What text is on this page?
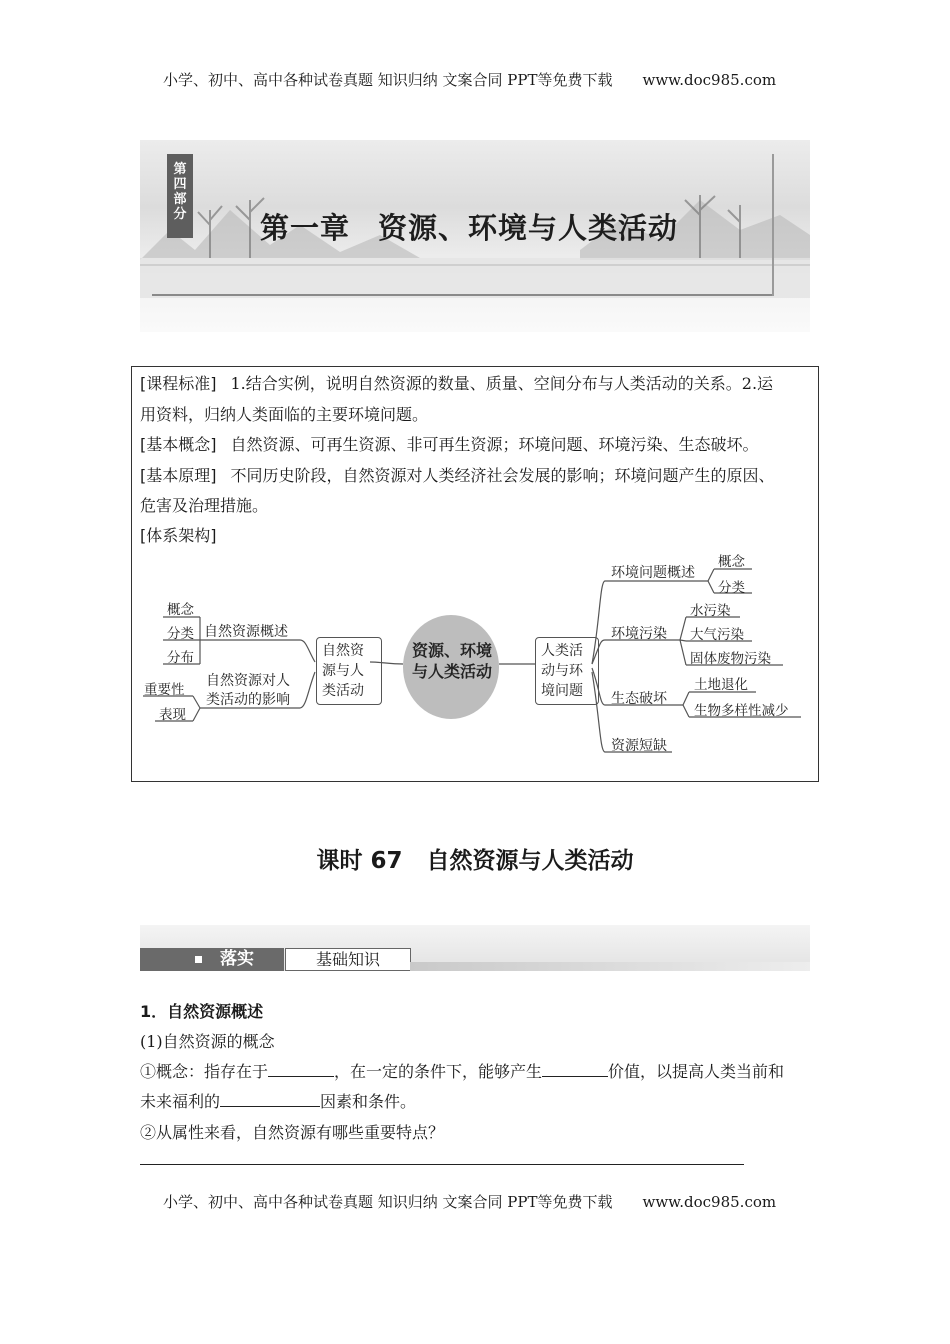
小学、初中、高中各种试卷真题 知识归纳 文案合同 PPT等免费下载 www.doc985.com
第
四
部
分	第一章 资源、环境与人类活动
[课程标准] 1.结合实例，说明自然资源的数量、质量、空间分布与人类活动的关系。2.运
用资料，归纳人类面临的主要环境问题。
[基本概念] 自然资源、可再生资源、非可再生资源；环境问题、环境污染、生态破坏。
[基本原理] 不同历史阶段，自然资源对人类经济社会发展的影响；环境问题产生的原因、
危害及治理措施。
[体系架构]
资源、环境与人类活动
自然资源与人类活动
自然资源概述
概念
分类
分布
自然资源对人类活动的影响
重要性
表现
人类活动与环境问题
环境问题概述
概念
分类
环境污染
水污染
大气污染
固体废物污染
生态破坏
土地退化
生物多样性减少
资源短缺
课时 67 自然资源与人类活动
落实	基础知识
1．自然资源概述
(1)自然资源的概念
①概念：指存在于	，在一定的条件下，能够产生	价值，以提高人类当前和
未来福利的	因素和条件。
②从属性来看，自然资源有哪些重要特点？
小学、初中、高中各种试卷真题 知识归纳 文案合同 PPT等免费下载 www.doc985.com
